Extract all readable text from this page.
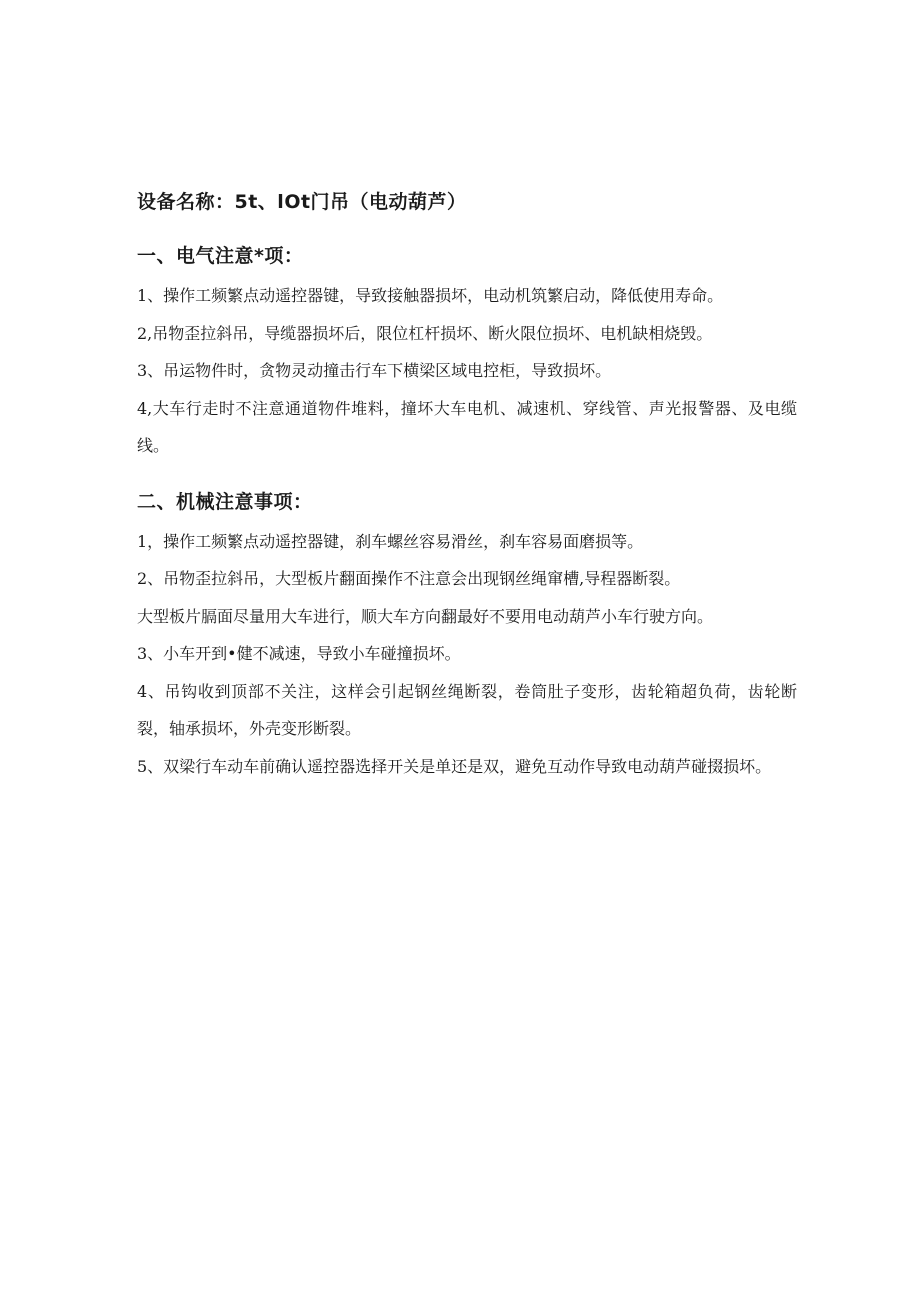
设备名称：5t、lOt门吊（电动葫芦）
一、电气注意*项：

1、操作工频繁点动遥控器键，导致接触器损坏，电动机筑繁启动，降低使用寿命。

2,吊物歪拉斜吊，导缆器损坏后，限位杠杆损坏、断火限位损坏、电机缺相烧毁。

3、吊运物件时，贪物灵动撞击行车下横梁区域电控柜，导致损坏。

4,大车行走时不注意通道物件堆料，撞坏大车电机、减速机、穿线管、声光报警器、及电缆线。

二、机械注意事项：

1，操作工频繁点动遥控器键，刹车螺丝容易滑丝，刹车容易面磨损等。

2、吊物歪拉斜吊，大型板片翻面操作不注意会出现钢丝绳窜槽,导程器断裂。

大型板片膈面尽量用大车进行，顺大车方向翻最好不要用电动葫芦小车行驶方向。

3、小车开到•健不减速，导致小车碰撞损坏。

4、吊钩收到顶部不关注，这样会引起钢丝绳断裂，卷筒肚子变形，齿轮箱超负荷，齿轮断裂，轴承损坏，外壳变形断裂。

5、双梁行车动车前确认遥控器选择开关是单还是双，避免互动作导致电动葫芦碰掇损坏。
